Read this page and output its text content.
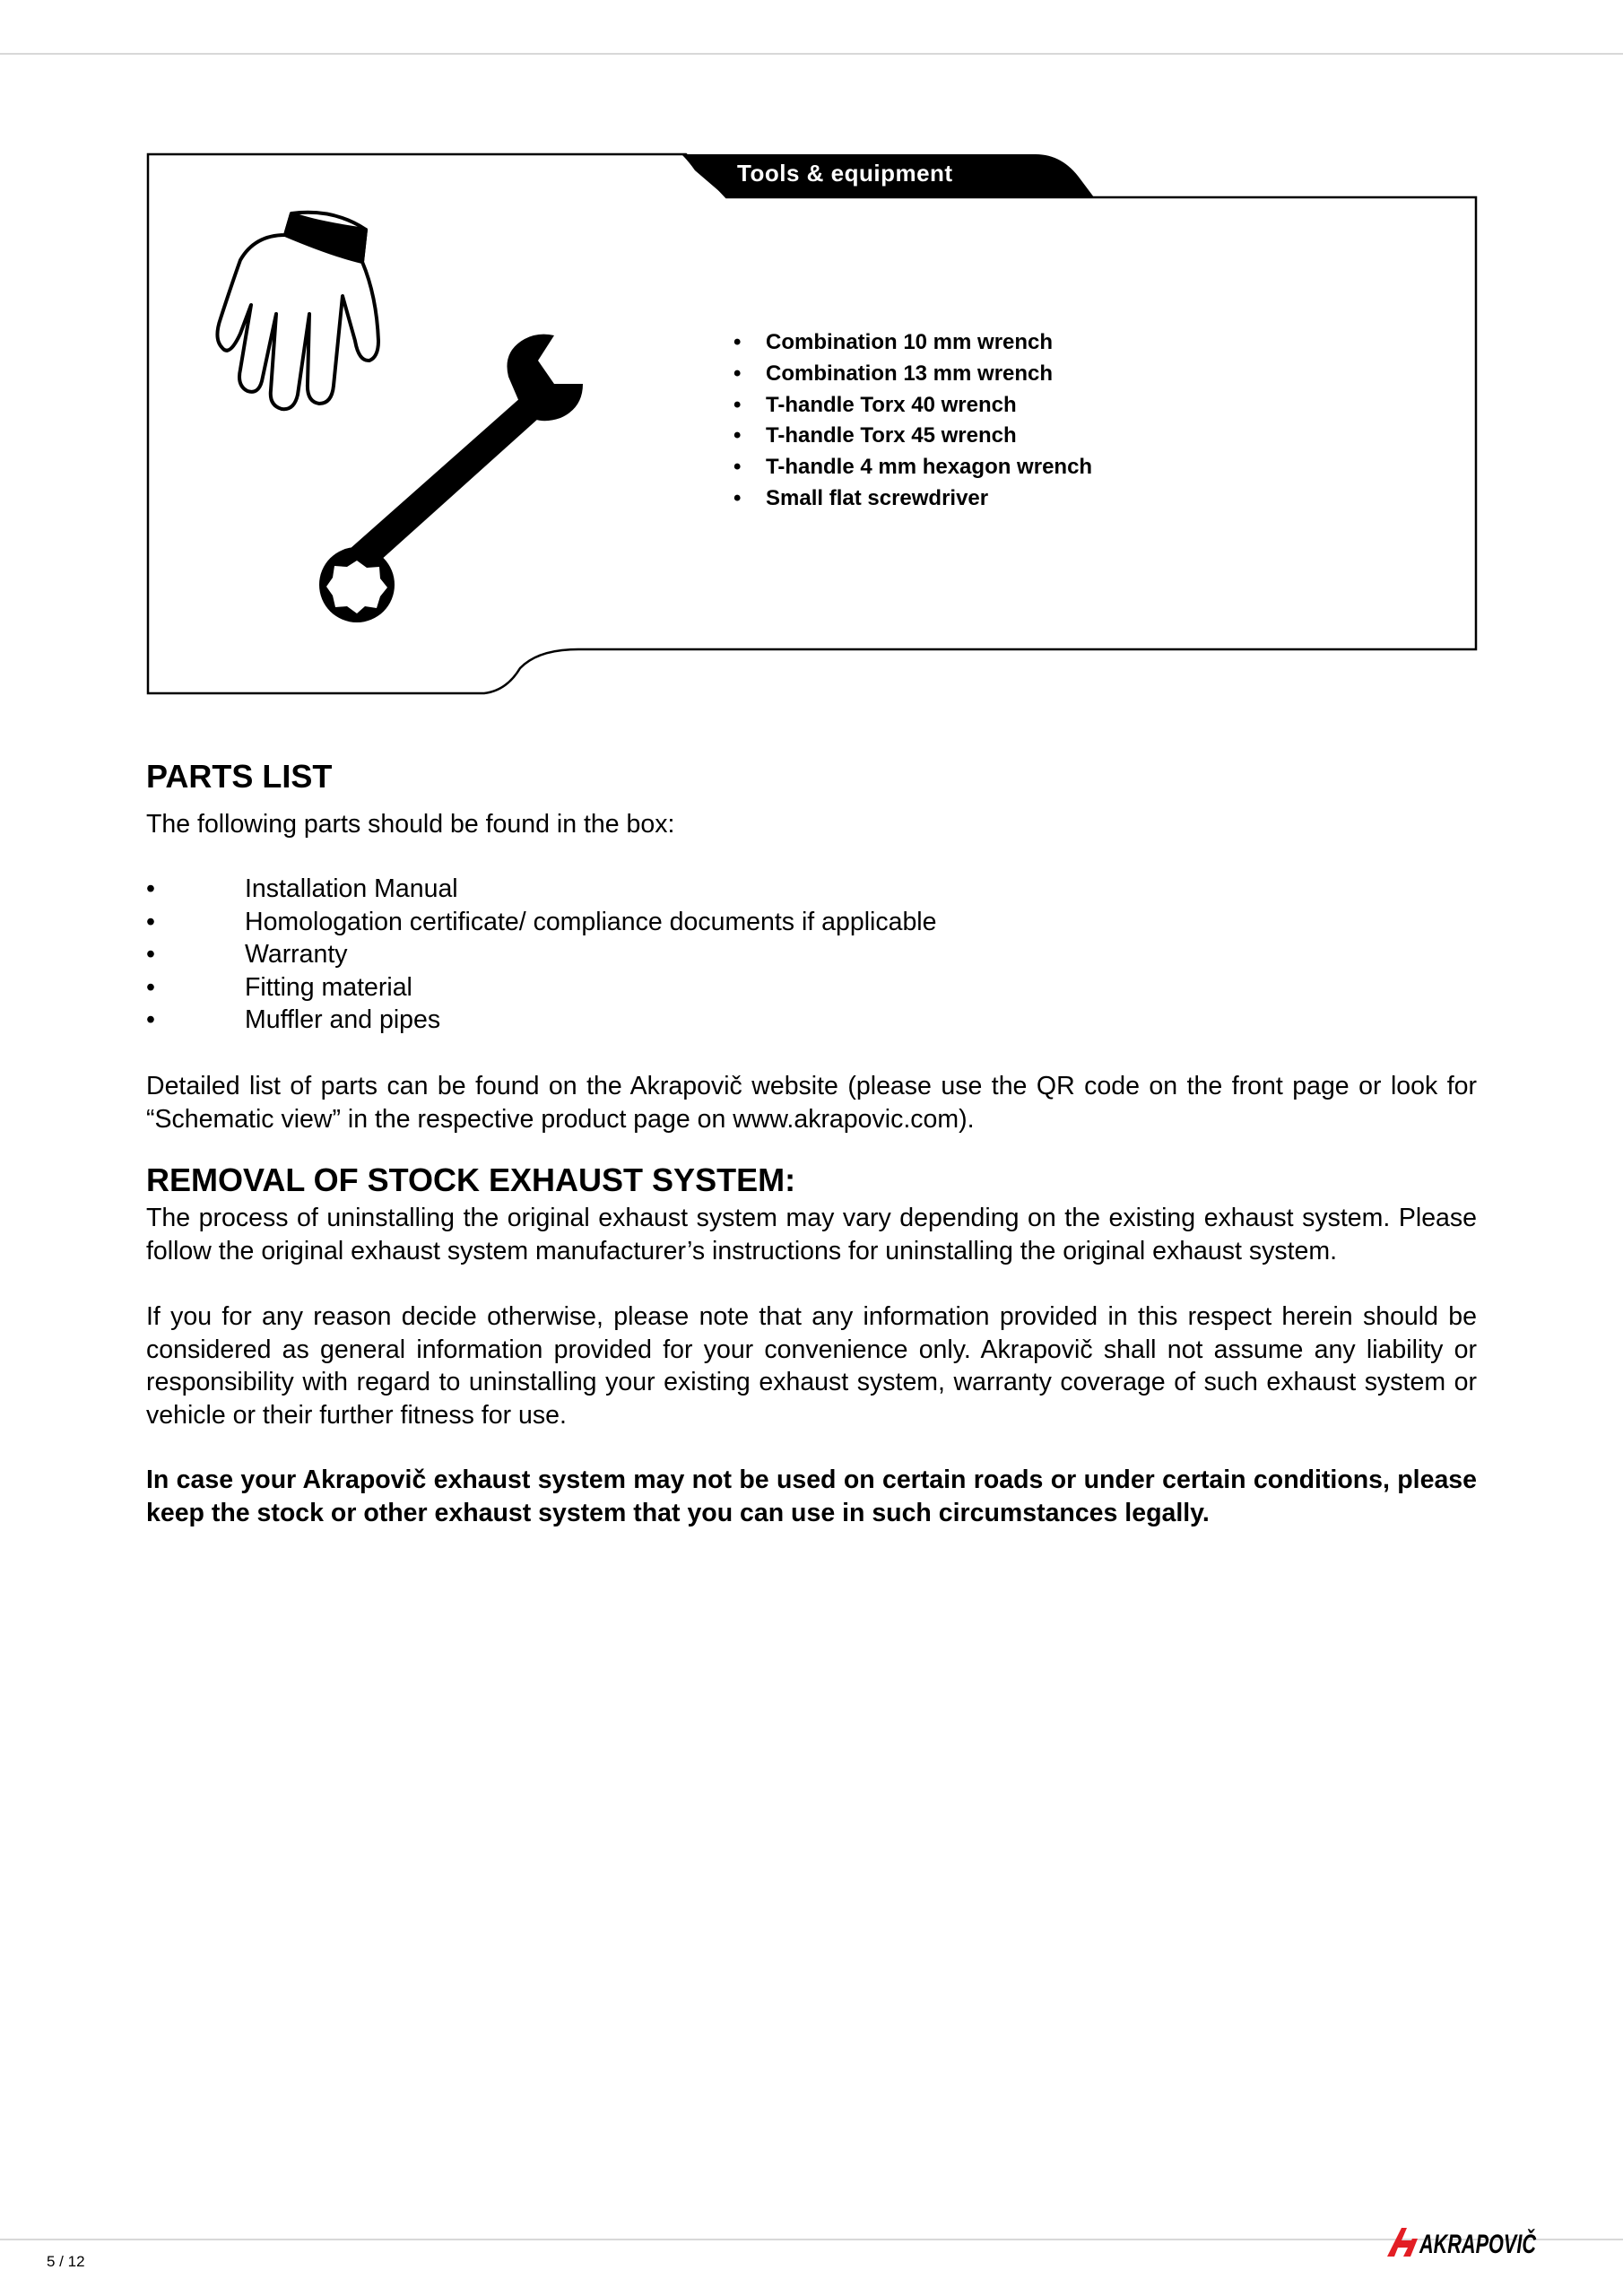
Tools & equipment
• Combination 10 mm wrench
• Combination 13 mm wrench
• T-handle Torx 40 wrench
• T-handle Torx 45 wrench
• T-handle 4 mm hexagon wrench
• Small flat screwdriver
PARTS LIST

The following parts should be found in the box:

• Installation Manual
• Homologation certificate/ compliance documents if applicable
• Warranty
• Fitting material
• Muffler and pipes

Detailed list of parts can be found on the Akrapovič website (please use the QR code on the front page or look for “Schematic view” in the respective product page on www.akrapovic.com).

REMOVAL OF STOCK EXHAUST SYSTEM:

The process of uninstalling the original exhaust system may vary depending on the existing exhaust system. Please follow the original exhaust system manufacturer’s instructions for uninstalling the original exhaust system.

If you for any reason decide otherwise, please note that any information provided in this respect herein should be considered as general information provided for your convenience only. Akrapovič shall not assume any liability or responsibility with regard to uninstalling your existing exhaust system, warranty coverage of such exhaust system or vehicle or their further fitness for use.

In case your Akrapovič exhaust system may not be used on certain roads or under certain conditions, please keep the stock or other exhaust system that you can use in such circumstances legally.

5 / 12
AKRAPOVIČ
